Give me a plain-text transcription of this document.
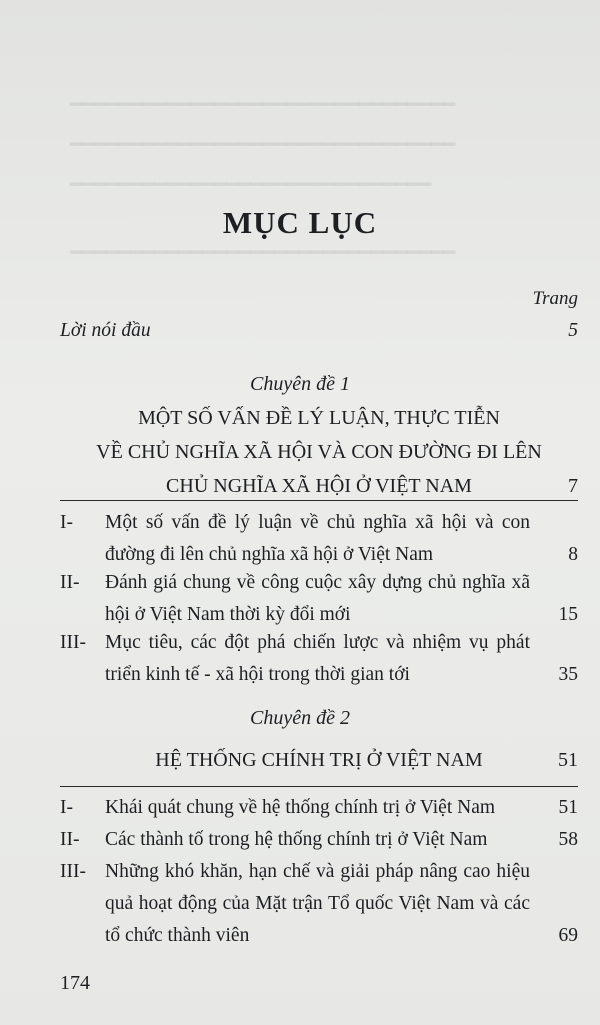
━━━━━━━━━━━━━━━━━━━━━━━━━━━━━━━━
━━━━━━━━━━━━━━━━━━━━━━━━━━━━━━━━
━━━━━━━━━━━━━━━━━━━━━━━━━━━━━━
━━━━━━━━━━━━━━━━━━━━━━━━━━━━━━━━
MỤC LỤC
Trang
Lời nói đầu	5
Chuyên đề 1
MỘT SỐ VẤN ĐỀ LÝ LUẬN, THỰC TIỄN
VỀ CHỦ NGHĨA XÃ HỘI VÀ CON ĐƯỜNG ĐI LÊN
CHỦ NGHĨA XÃ HỘI Ở VIỆT NAM	7
I- Một số vấn đề lý luận về chủ nghĩa xã hội và con đường đi lên chủ nghĩa xã hội ở Việt Nam	8
II- Đánh giá chung về công cuộc xây dựng chủ nghĩa xã hội ở Việt Nam thời kỳ đổi mới	15
III- Mục tiêu, các đột phá chiến lược và nhiệm vụ phát triển kinh tế - xã hội trong thời gian tới	35
Chuyên đề 2
HỆ THỐNG CHÍNH TRỊ Ở VIỆT NAM	51
I- Khái quát chung về hệ thống chính trị ở Việt Nam	51
II- Các thành tố trong hệ thống chính trị ở Việt Nam	58
III- Những khó khăn, hạn chế và giải pháp nâng cao hiệu quả hoạt động của Mặt trận Tổ quốc Việt Nam và các tổ chức thành viên	69
174
